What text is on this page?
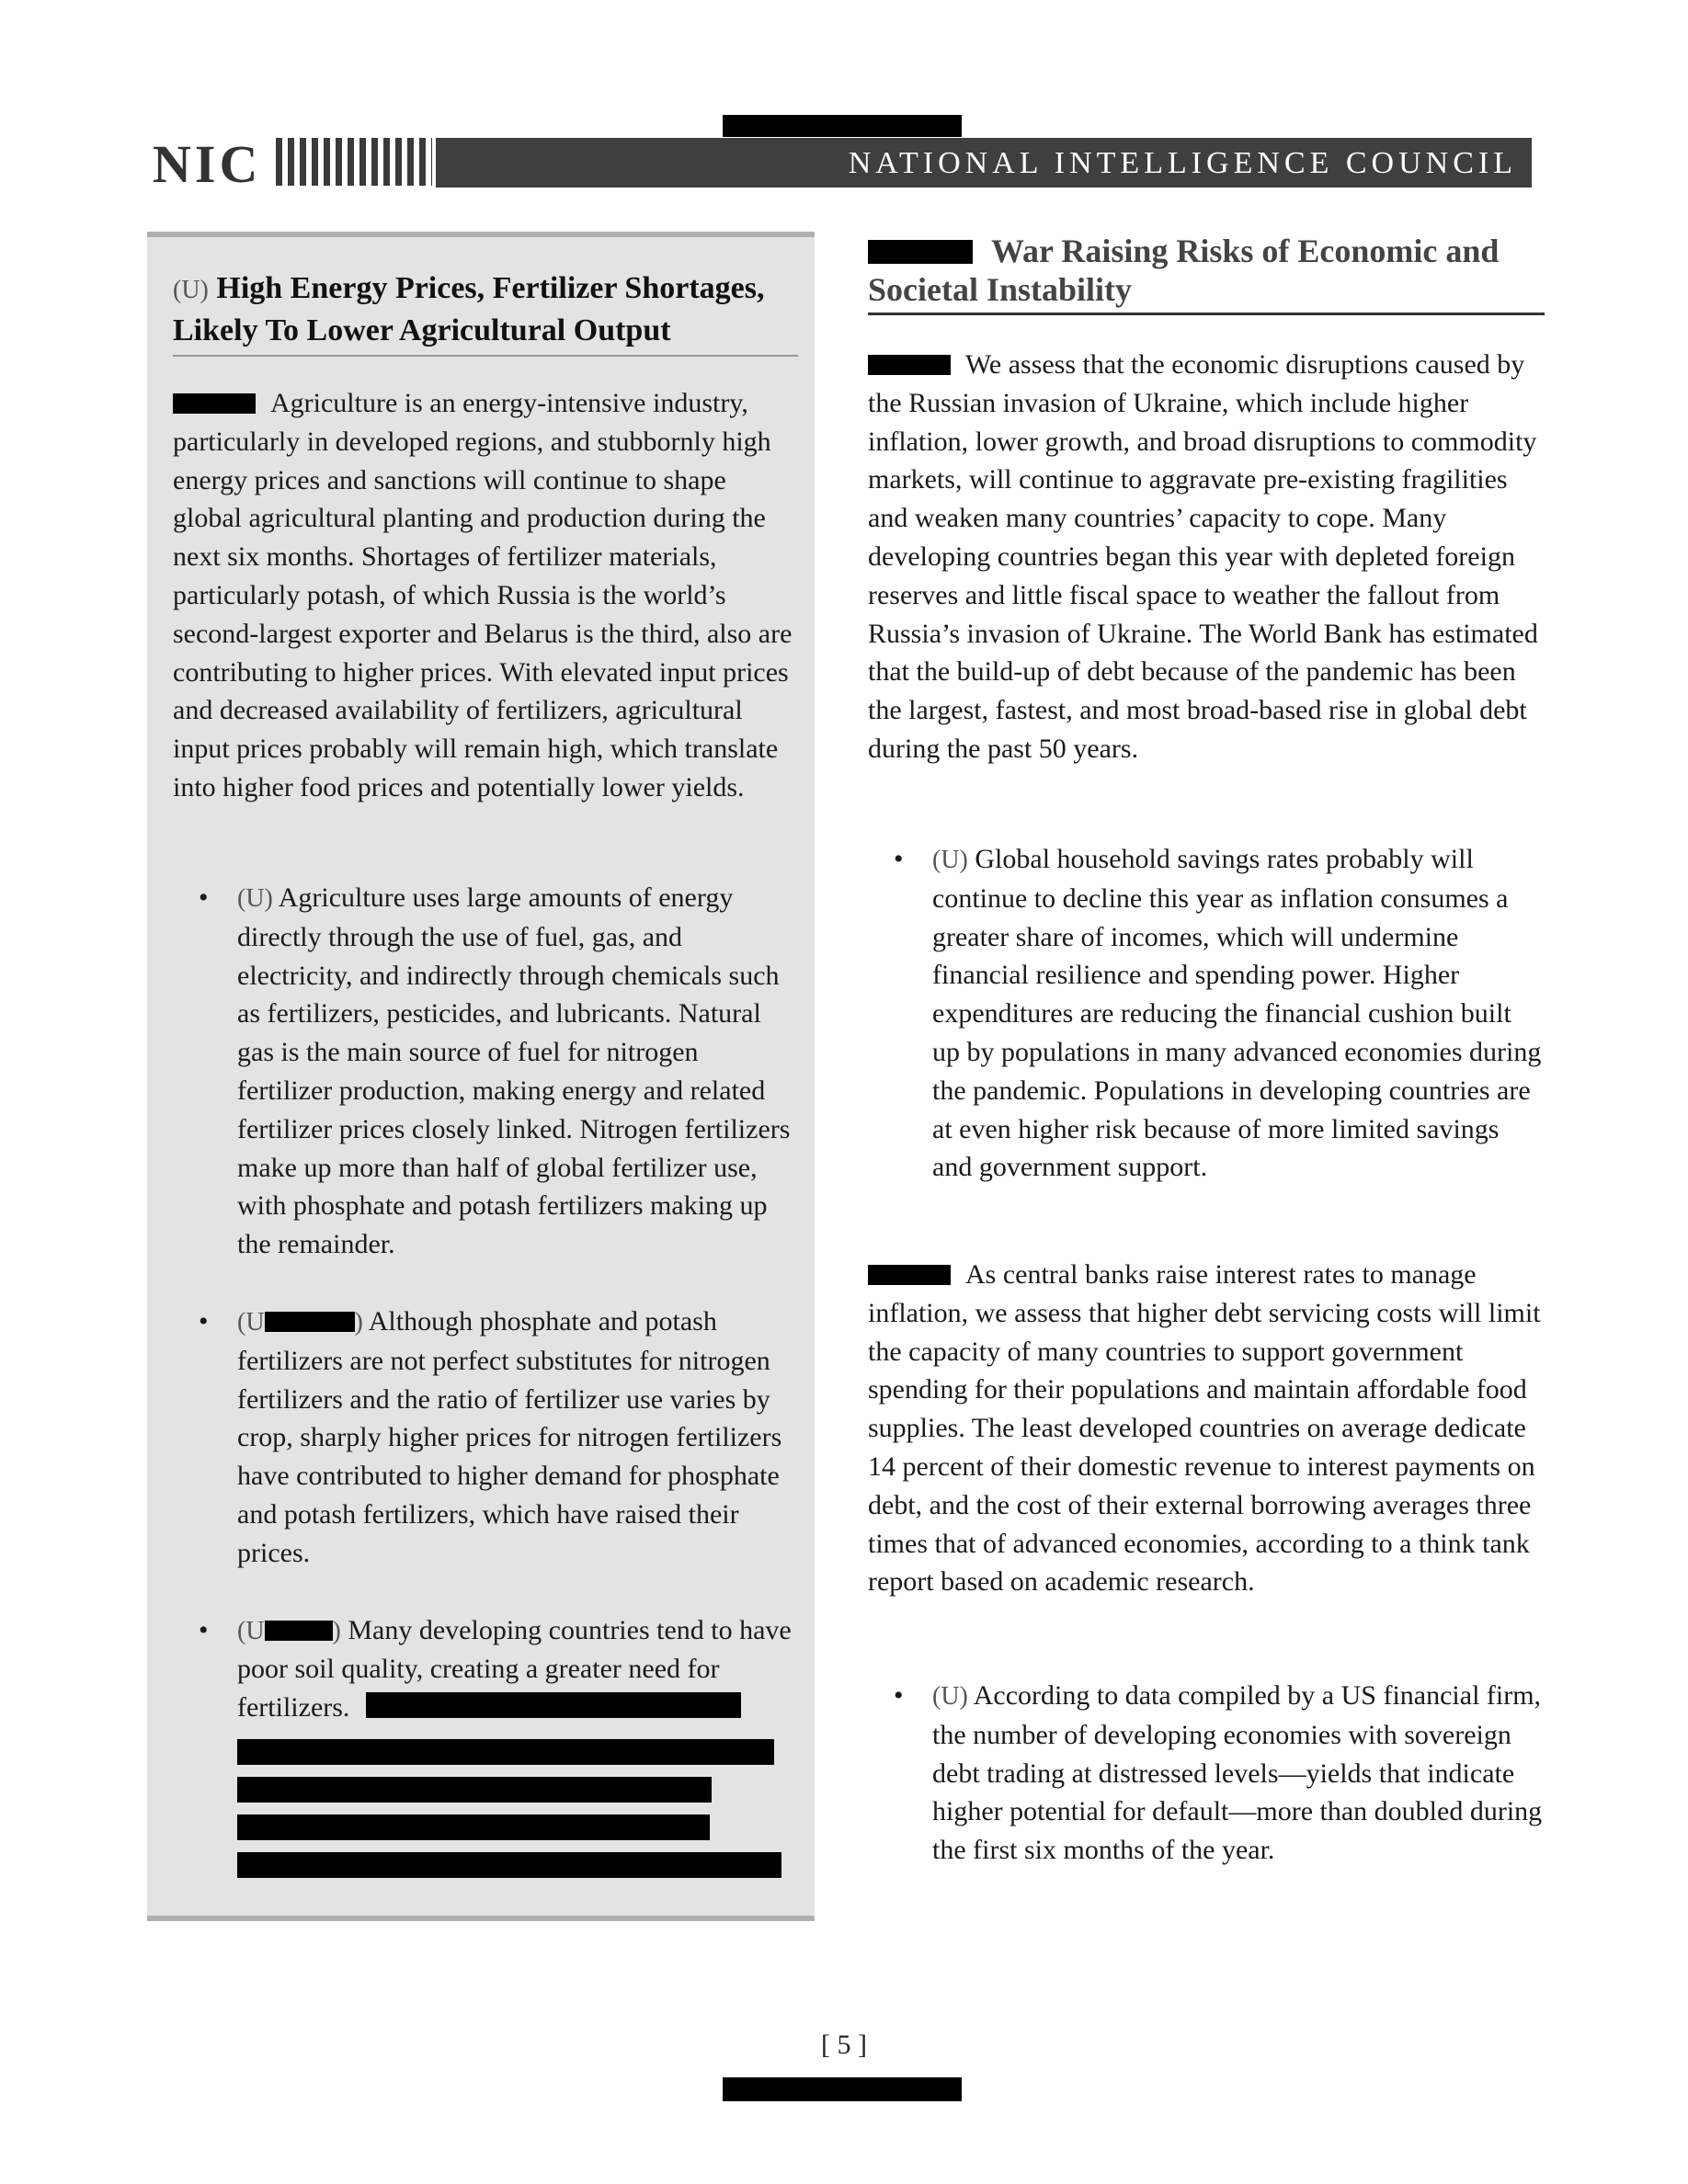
NIC	NATIONAL INTELLIGENCE COUNCIL
(U) High Energy Prices, Fertilizer Shortages, Likely To Lower Agricultural Output
Agriculture is an energy-intensive industry, particularly in developed regions, and stubbornly high energy prices and sanctions will continue to shape global agricultural planting and production during the next six months. Shortages of fertilizer materials, particularly potash, of which Russia is the world’s second-largest exporter and Belarus is the third, also are contributing to higher prices. With elevated input prices and decreased availability of fertilizers, agricultural input prices probably will remain high, which translate into higher food prices and potentially lower yields.
• (U) Agriculture uses large amounts of energy directly through the use of fuel, gas, and electricity, and indirectly through chemicals such as fertilizers, pesticides, and lubricants. Natural gas is the main source of fuel for nitrogen fertilizer production, making energy and related fertilizer prices closely linked. Nitrogen fertilizers make up more than half of global fertilizer use, with phosphate and potash fertilizers making up the remainder.
• (U	) Although phosphate and potash fertilizers are not perfect substitutes for nitrogen fertilizers and the ratio of fertilizer use varies by crop, sharply higher prices for nitrogen fertilizers have contributed to higher demand for phosphate and potash fertilizers, which have raised their prices.
• (U	) Many developing countries tend to have poor soil quality, creating a greater need for fertilizers.
War Raising Risks of Economic and Societal Instability
We assess that the economic disruptions caused by the Russian invasion of Ukraine, which include higher inflation, lower growth, and broad disruptions to commodity markets, will continue to aggravate pre-existing fragilities and weaken many countries’ capacity to cope. Many developing countries began this year with depleted foreign reserves and little fiscal space to weather the fallout from Russia’s invasion of Ukraine. The World Bank has estimated that the build-up of debt because of the pandemic has been the largest, fastest, and most broad-based rise in global debt during the past 50 years.
• (U) Global household savings rates probably will continue to decline this year as inflation consumes a greater share of incomes, which will undermine financial resilience and spending power. Higher expenditures are reducing the financial cushion built up by populations in many advanced economies during the pandemic. Populations in developing countries are at even higher risk because of more limited savings and government support.
As central banks raise interest rates to manage inflation, we assess that higher debt servicing costs will limit the capacity of many countries to support government spending for their populations and maintain affordable food supplies. The least developed countries on average dedicate 14 percent of their domestic revenue to interest payments on debt, and the cost of their external borrowing averages three times that of advanced economies, according to a think tank report based on academic research.
• (U) According to data compiled by a US financial firm, the number of developing economies with sovereign debt trading at distressed levels—yields that indicate higher potential for default—more than doubled during the first six months of the year.
[ 5 ]
